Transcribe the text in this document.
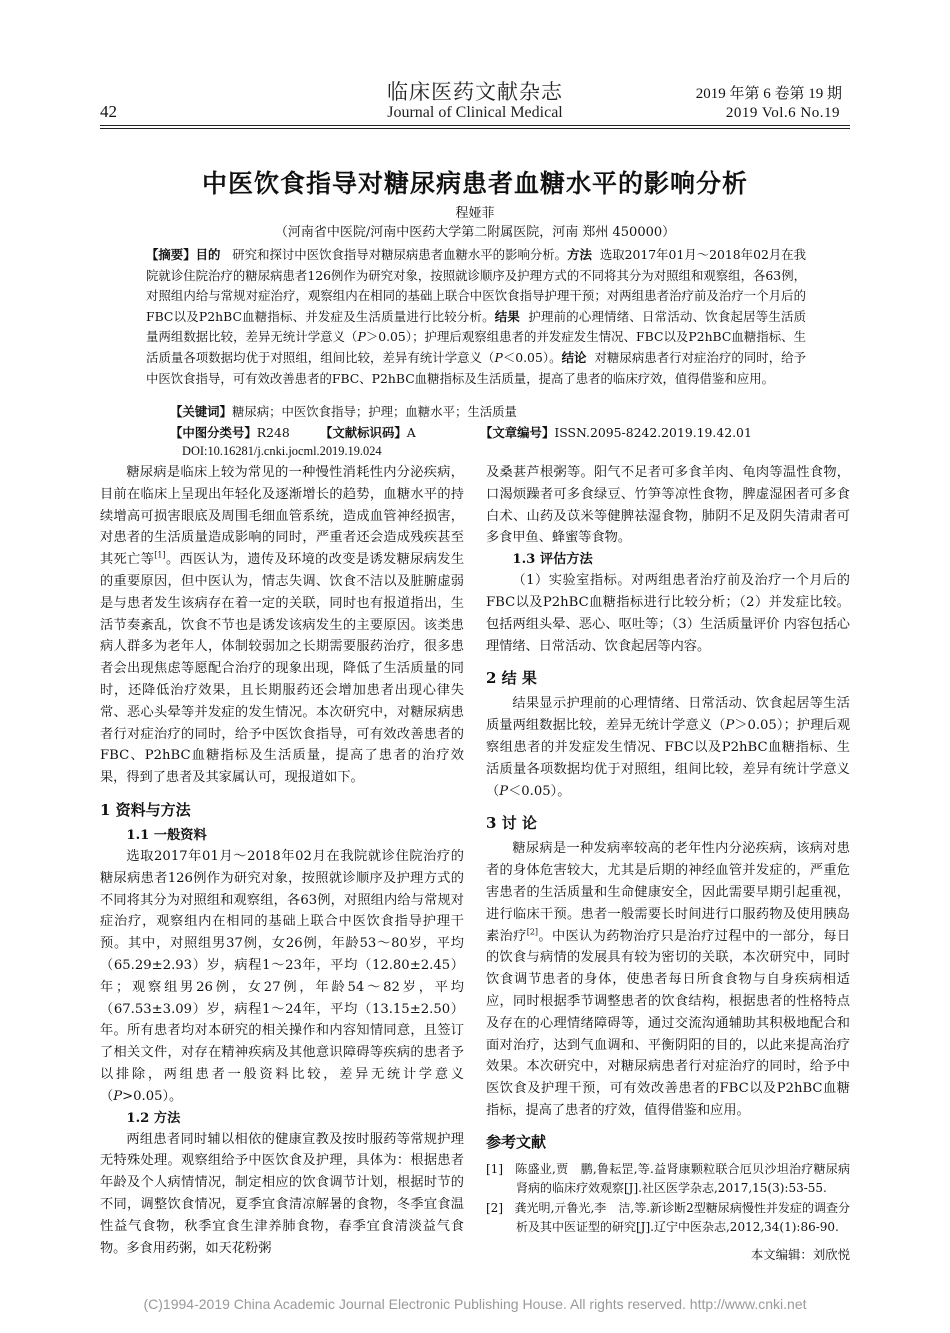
临床医药文献杂志
Journal of Clinical Medical
42
2019 年第 6 卷第 19 期
2019 Vol.6 No.19
中医饮食指导对糖尿病患者血糖水平的影响分析
程娅菲
（河南省中医院/河南中医药大学第二附属医院，河南 郑州 450000）
【摘要】目的 研究和探讨中医饮食指导对糖尿病患者血糖水平的影响分析。方法 选取2017年01月～2018年02月在我院就诊住院治疗的糖尿病患者126例作为研究对象，按照就诊顺序及护理方式的不同将其分为对照组和观察组，各63例，对照组内给与常规对症治疗，观察组内在相同的基础上联合中医饮食指导护理干预；对两组患者治疗前及治疗一个月后的FBC以及P2hBC血糖指标、并发症及生活质量进行比较分析。结果 护理前的心理情绪、日常活动、饮食起居等生活质量两组数据比较，差异无统计学意义（P＞0.05）；护理后观察组患者的并发症发生情况、FBC以及P2hBC血糖指标、生活质量各项数据均优于对照组，组间比较，差异有统计学意义（P＜0.05）。结论 对糖尿病患者行对症治疗的同时，给予中医饮食指导，可有效改善患者的FBC、P2hBC血糖指标及生活质量，提高了患者的临床疗效，值得借鉴和应用。
【关键词】糖尿病；中医饮食指导；护理；血糖水平；生活质量
【中图分类号】R248 【文献标识码】A	【文章编号】ISSN.2095-8242.2019.19.42.01
DOI:10.16281/j.cnki.jocml.2019.19.024

糖尿病是临床上较为常见的一种慢性消耗性内分泌疾病，目前在临床上呈现出年轻化及逐渐增长的趋势，血糖水平的持续增高可损害眼底及周围毛细血管系统，造成血管神经损害，对患者的生活质量造成影响的同时，严重者还会造成残疾甚至其死亡等[1]。西医认为，遗传及环境的改变是诱发糖尿病发生的重要原因，但中医认为，情志失调、饮食不洁以及脏腑虚弱是与患者发生该病存在着一定的关联，同时也有报道指出，生活节奏紊乱，饮食不节也是诱发该病发生的主要原因。该类患病人群多为老年人，体制较弱加之长期需要服药治疗，很多患者会出现焦虑等愿配合治疗的现象出现，降低了生活质量的同时，还降低治疗效果，且长期服药还会增加患者出现心律失常、恶心头晕等并发症的发生情况。本次研究中，对糖尿病患者行对症治疗的同时，给予中医饮食指导，可有效改善患者的FBC、P2hBC血糖指标及生活质量，提高了患者的治疗效果，得到了患者及其家属认可，现报道如下。

1 资料与方法
1.1 一般资料

选取2017年01月～2018年02月在我院就诊住院治疗的糖尿病患者126例作为研究对象，按照就诊顺序及护理方式的不同将其分为对照组和观察组，各63例，对照组内给与常规对症治疗，观察组内在相同的基础上联合中医饮食指导护理干预。其中，对照组男37例，女26例，年龄53～80岁，平均（65.29±2.93）岁，病程1～23年，平均（12.80±2.45）年；观察组男26例，女27例，年龄54～82岁，平均（67.53±3.09）岁，病程1～24年，平均（13.15±2.50）年。所有患者均对本研究的相关操作和内容知情同意，且签订了相关文件，对存在精神疾病及其他意识障碍等疾病的患者予以排除，两组患者一般资料比较，差异无统计学意义（P>0.05）。

1.2 方法

两组患者同时辅以相依的健康宣教及按时服药等常规护理无特殊处理。观察组给予中医饮食及护理，具体为：根据患者年龄及个人病情情况，制定相应的饮食调节计划，根据时节的不同，调整饮食情况，夏季宜食清凉解暑的食物，冬季宜食温性益气食物，秋季宜食生津养肺食物，春季宜食清淡益气食物。多食用药粥，如天花粉粥

及桑葚芦根粥等。阳气不足者可多食羊肉、龟肉等温性食物，口渴烦躁者可多食绿豆、竹笋等凉性食物，脾虚湿困者可多食白术、山药及苡米等健脾祛湿食物，肺阴不足及阴失清肃者可多食甲鱼、蜂蜜等食物。

1.3 评估方法

（1）实验室指标。对两组患者治疗前及治疗一个月后的FBC以及P2hBC血糖指标进行比较分析；（2）并发症比较。包括两组头晕、恶心、呕吐等；（3）生活质量评价 内容包括心理情绪、日常活动、饮食起居等内容。

2 结 果

结果显示护理前的心理情绪、日常活动、饮食起居等生活质量两组数据比较，差异无统计学意义（P＞0.05）；护理后观察组患者的并发症发生情况、FBC以及P2hBC血糖指标、生活质量各项数据均优于对照组，组间比较，差异有统计学意义（P＜0.05）。

3 讨 论

糖尿病是一种发病率较高的老年性内分泌疾病，该病对患者的身体危害较大，尤其是后期的神经血管并发症的，严重危害患者的生活质量和生命健康安全，因此需要早期引起重视，进行临床干预。患者一般需要长时间进行口服药物及使用胰岛素治疗[2]。中医认为药物治疗只是治疗过程中的一部分，每日的饮食与病情的发展具有较为密切的关联，本次研究中，同时饮食调节患者的身体，使患者每日所食食物与自身疾病相适应，同时根据季节调整患者的饮食结构，根据患者的性格特点及存在的心理情绪障碍等，通过交流沟通辅助其积极地配合和面对治疗，达到气血调和、平衡阴阳的目的，以此来提高治疗效果。本次研究中，对糖尿病患者行对症治疗的同时，给予中医饮食及护理干预，可有效改善患者的FBC以及P2hBC血糖指标，提高了患者的疗效，值得借鉴和应用。

参考文献
[1] 陈盛业,贾　鹏,鲁耘罡,等.益肾康颗粒联合厄贝沙坦治疗糖尿病肾病的临床疗效观察[J].社区医学杂志,2017,15(3):53-55.
[2] 龚光明,亓鲁光,李　洁,等.新诊断2型糖尿病慢性并发症的调查分析及其中医证型的研究[J].辽宁中医杂志,2012,34(1):86-90.
本文编辑：刘欣悦
(C)1994-2019 China Academic Journal Electronic Publishing House. All rights reserved. http://www.cnki.net
